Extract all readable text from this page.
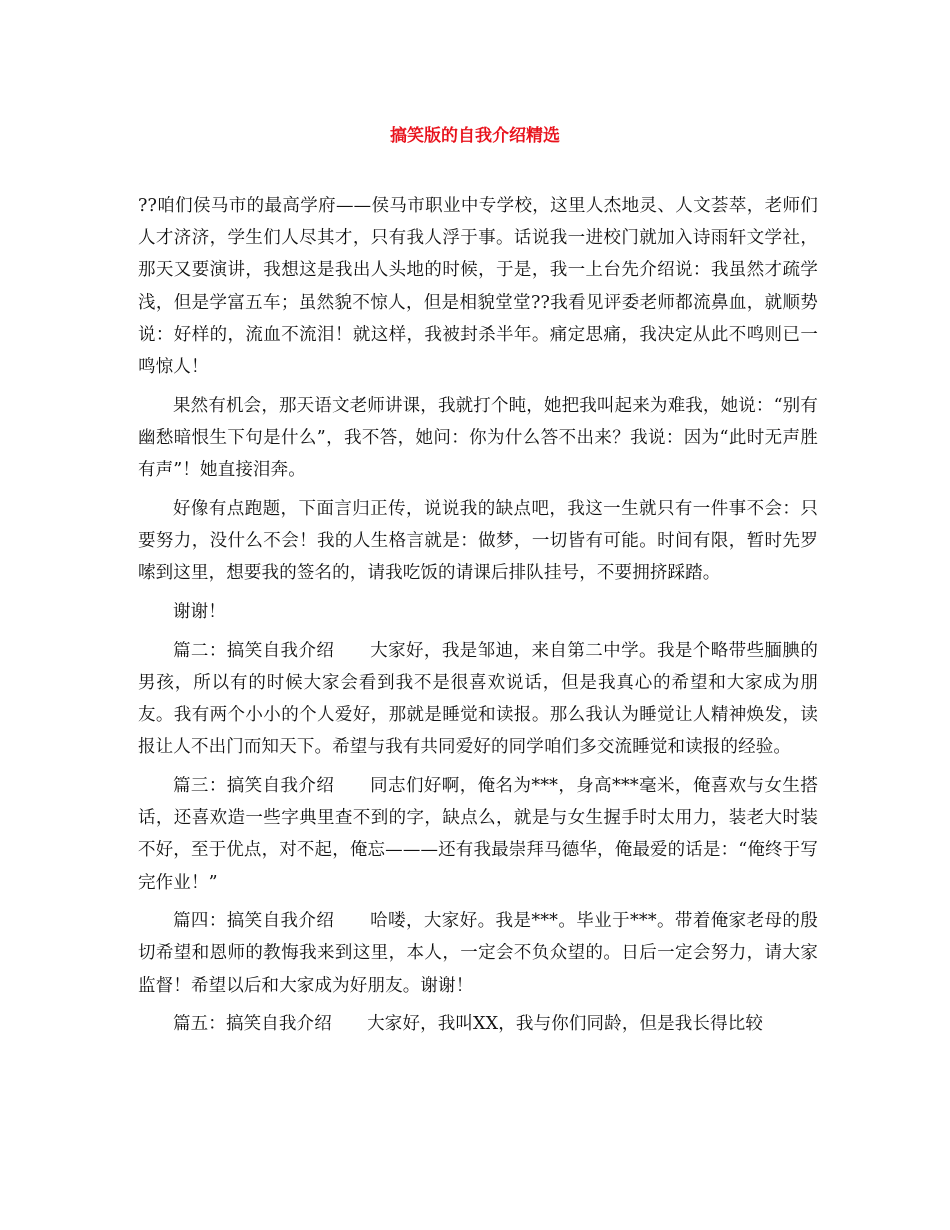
搞笑版的自我介绍精选

??咱们侯马市的最高学府——侯马市职业中专学校，这里人杰地灵、人文荟萃，老师们人才济济，学生们人尽其才，只有我人浮于事。话说我一进校门就加入诗雨轩文学社，那天又要演讲，我想这是我出人头地的时候，于是，我一上台先介绍说：我虽然才疏学浅，但是学富五车；虽然貌不惊人，但是相貌堂堂??我看见评委老师都流鼻血，就顺势说：好样的，流血不流泪！就这样，我被封杀半年。痛定思痛，我决定从此不鸣则已一鸣惊人！

果然有机会，那天语文老师讲课，我就打个盹，她把我叫起来为难我，她说：“别有幽愁暗恨生下句是什么”，我不答，她问：你为什么答不出来？我说：因为“此时无声胜有声”！她直接泪奔。

好像有点跑题，下面言归正传，说说我的缺点吧，我这一生就只有一件事不会：只要努力，没什么不会！我的人生格言就是：做梦，一切皆有可能。时间有限，暂时先罗嗦到这里，想要我的签名的，请我吃饭的请课后排队挂号，不要拥挤踩踏。

谢谢！

篇二：搞笑自我介绍　　大家好，我是邹迪，来自第二中学。我是个略带些腼腆的男孩，所以有的时候大家会看到我不是很喜欢说话，但是我真心的希望和大家成为朋友。我有两个小小的个人爱好，那就是睡觉和读报。那么我认为睡觉让人精神焕发，读报让人不出门而知天下。希望与我有共同爱好的同学咱们多交流睡觉和读报的经验。

篇三：搞笑自我介绍　　同志们好啊，俺名为***，身高***毫米，俺喜欢与女生搭话，还喜欢造一些字典里查不到的字，缺点么，就是与女生握手时太用力，装老大时装不好，至于优点，对不起，俺忘———还有我最崇拜马德华，俺最爱的话是：“俺终于写完作业！”

篇四：搞笑自我介绍　　哈喽，大家好。我是***。毕业于***。带着俺家老母的殷切希望和恩师的教悔我来到这里，本人，一定会不负众望的。日后一定会努力，请大家监督！希望以后和大家成为好朋友。谢谢！

篇五：搞笑自我介绍　　大家好，我叫XX，我与你们同龄，但是我长得比较
